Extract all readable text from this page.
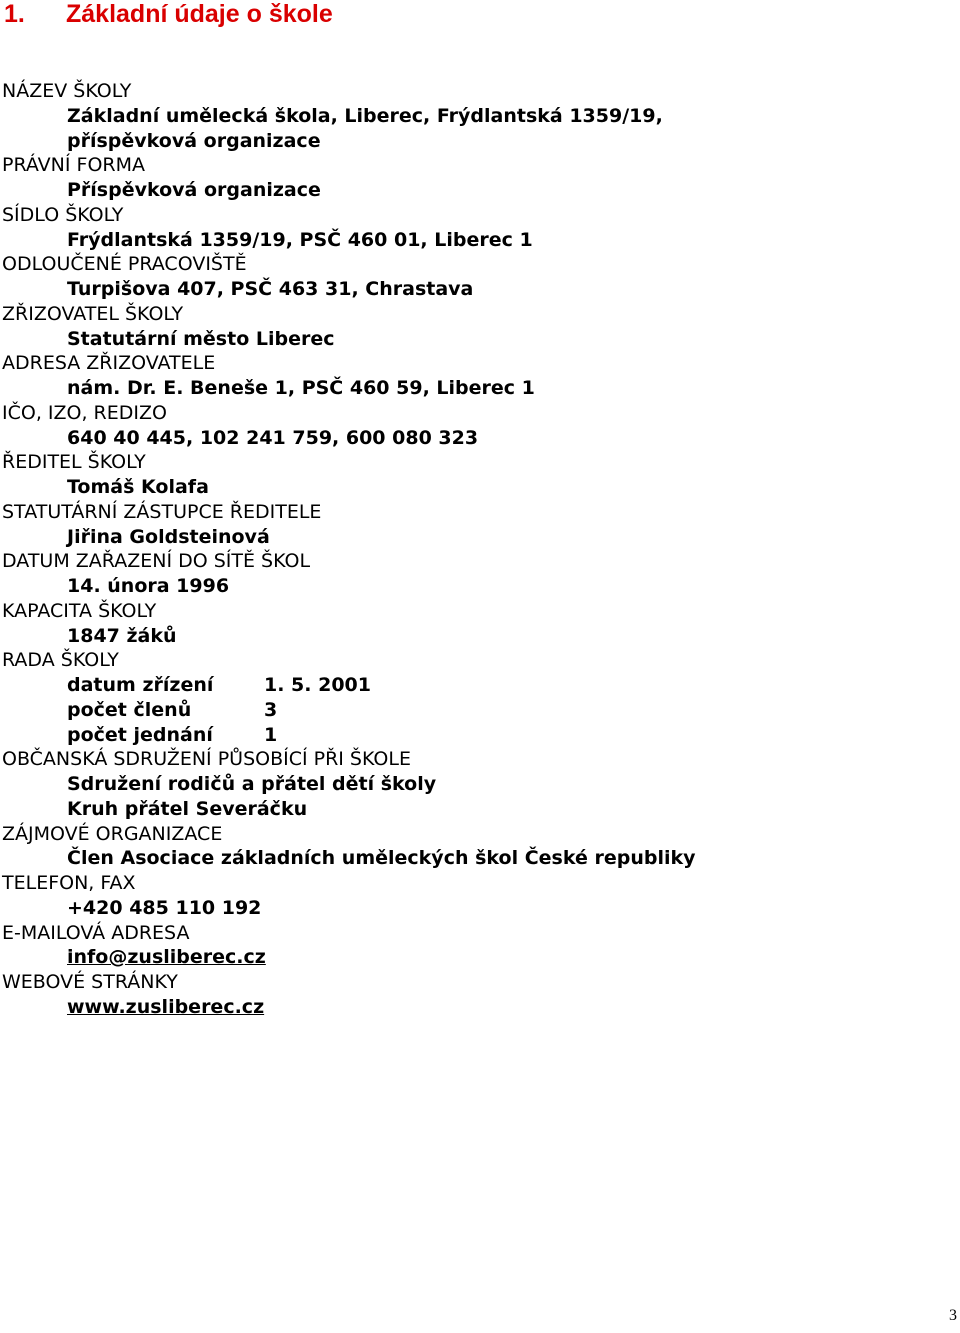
1. Základní údaje o škole
NÁZEV ŠKOLY
Základní umělecká škola, Liberec, Frýdlantská 1359/19,
příspěvková organizace
PRÁVNÍ FORMA
Příspěvková organizace
SÍDLO ŠKOLY
Frýdlantská 1359/19, PSČ 460 01, Liberec 1
ODLOUČENÉ PRACOVIŠTĚ
Turpišova 407, PSČ 463 31, Chrastava
ZŘIZOVATEL ŠKOLY
Statutární město Liberec
ADRESA ZŘIZOVATELE
nám. Dr. E. Beneše 1, PSČ 460 59, Liberec 1
IČO, IZO, REDIZO
640 40 445, 102 241 759, 600 080 323
ŘEDITEL ŠKOLY
Tomáš Kolafa
STATUTÁRNÍ ZÁSTUPCE ŘEDITELE
Jiřina Goldsteinová
DATUM ZAŘAZENÍ DO SÍTĚ ŠKOL
14. února 1996
KAPACITA ŠKOLY
1847 žáků
RADA ŠKOLY
datum zřízení	1. 5. 2001
počet členů	3
počet jednání	1
OBČANSKÁ SDRUŽENÍ PŮSOBÍCÍ PŘI ŠKOLE
Sdružení rodičů a přátel dětí školy
Kruh přátel Severáčku
ZÁJMOVÉ ORGANIZACE
Člen Asociace základních uměleckých škol České republiky
TELEFON, FAX
+420 485 110 192
E-MAILOVÁ ADRESA
info@zusliberec.cz
WEBOVÉ STRÁNKY
www.zusliberec.cz
3
